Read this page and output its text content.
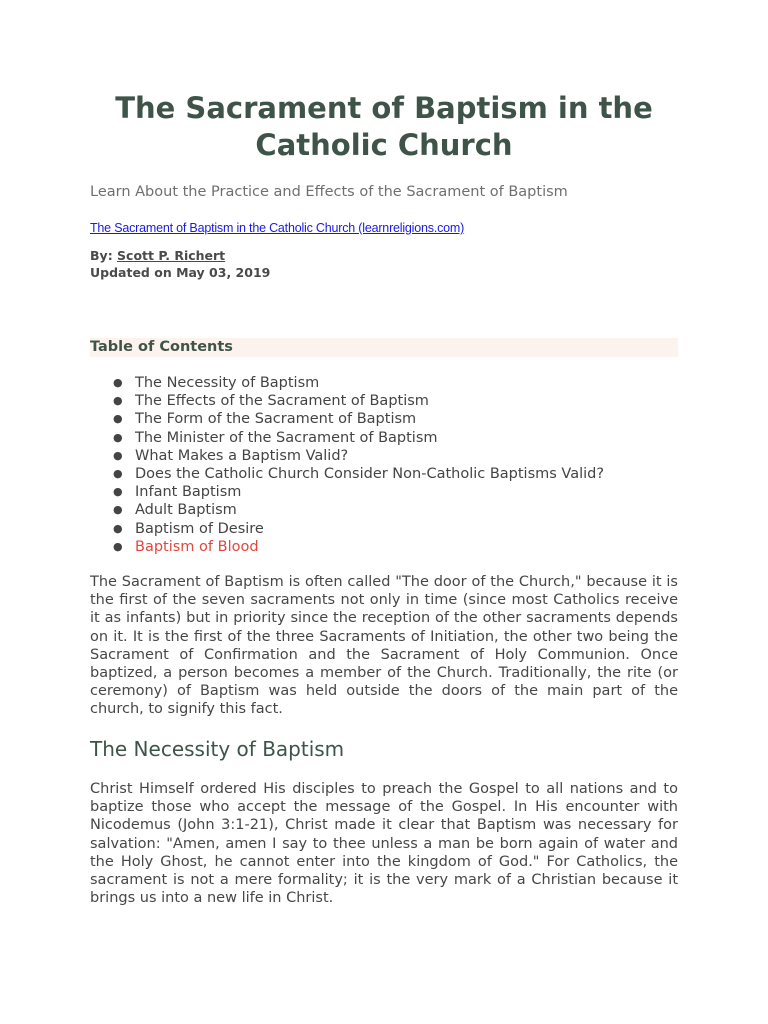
The Sacrament of Baptism in the Catholic Church

Learn About the Practice and Effects of the Sacrament of Baptism

The Sacrament of Baptism in the Catholic Church (learnreligions.com)

By: Scott P. Richert

Updated on May 03, 2019

Table of Contents

● The Necessity of Baptism
● The Effects of the Sacrament of Baptism
● The Form of the Sacrament of Baptism
● The Minister of the Sacrament of Baptism
● What Makes a Baptism Valid?
● Does the Catholic Church Consider Non-Catholic Baptisms Valid?
● Infant Baptism
● Adult Baptism
● Baptism of Desire
● Baptism of Blood

The Sacrament of Baptism is often called "The door of the Church," because it is the first of the seven sacraments not only in time (since most Catholics receive it as infants) but in priority since the reception of the other sacraments depends on it. It is the first of the three Sacraments of Initiation, the other two being the Sacrament of Confirmation and the Sacrament of Holy Communion. Once baptized, a person becomes a member of the Church. Traditionally, the rite (or ceremony) of Baptism was held outside the doors of the main part of the church, to signify this fact.

The Necessity of Baptism

Christ Himself ordered His disciples to preach the Gospel to all nations and to baptize those who accept the message of the Gospel. In His encounter with Nicodemus (John 3:1-21), Christ made it clear that Baptism was necessary for salvation: "Amen, amen I say to thee unless a man be born again of water and the Holy Ghost, he cannot enter into the kingdom of God." For Catholics, the sacrament is not a mere formality; it is the very mark of a Christian because it brings us into a new life in Christ.
